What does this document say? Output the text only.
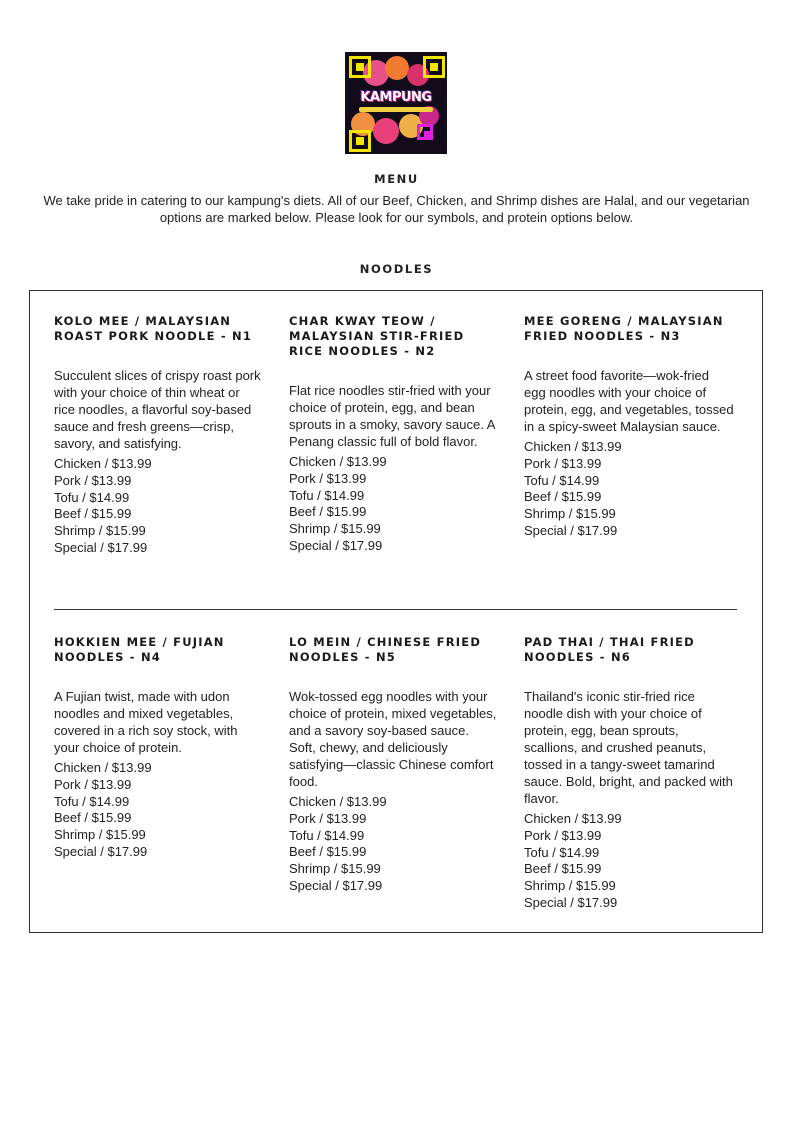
KAMPUNG
MENU
We take pride in catering to our kampung's diets. All of our Beef, Chicken, and Shrimp dishes are Halal, and our vegetarian options are marked below. Please look for our symbols, and protein options below.
NOODLES
KOLO MEE / MALAYSIAN ROAST PORK NOODLE - N1

Succulent slices of crispy roast pork with your choice of thin wheat or rice noodles, a flavorful soy-based sauce and fresh greens—crisp, savory, and satisfying.

Chicken / $13.99
Pork / $13.99
Tofu / $14.99
Beef / $15.99
Shrimp / $15.99
Special / $17.99
CHAR KWAY TEOW / MALAYSIAN STIR-FRIED RICE NOODLES - N2

Flat rice noodles stir-fried with your choice of protein, egg, and bean sprouts in a smoky, savory sauce. A Penang classic full of bold flavor.

Chicken / $13.99
Pork / $13.99
Tofu / $14.99
Beef / $15.99
Shrimp / $15.99
Special / $17.99
MEE GORENG / MALAYSIAN FRIED NOODLES - N3

A street food favorite—wok-fried egg noodles with your choice of protein, egg, and vegetables, tossed in a spicy-sweet Malaysian sauce.

Chicken / $13.99
Pork / $13.99
Tofu / $14.99
Beef / $15.99
Shrimp / $15.99
Special / $17.99
HOKKIEN MEE / FUJIAN NOODLES - N4

A Fujian twist, made with udon noodles and mixed vegetables, covered in a rich soy stock, with your choice of protein.

Chicken / $13.99
Pork / $13.99
Tofu / $14.99
Beef / $15.99
Shrimp / $15.99
Special / $17.99
LO MEIN / CHINESE FRIED NOODLES - N5

Wok-tossed egg noodles with your choice of protein, mixed vegetables, and a savory soy-based sauce. Soft, chewy, and deliciously satisfying—classic Chinese comfort food.

Chicken / $13.99
Pork / $13.99
Tofu / $14.99
Beef / $15.99
Shrimp / $15.99
Special / $17.99
PAD THAI / THAI FRIED NOODLES - N6

Thailand's iconic stir-fried rice noodle dish with your choice of protein, egg, bean sprouts, scallions, and crushed peanuts, tossed in a tangy-sweet tamarind sauce. Bold, bright, and packed with flavor.

Chicken / $13.99
Pork / $13.99
Tofu / $14.99
Beef / $15.99
Shrimp / $15.99
Special / $17.99
